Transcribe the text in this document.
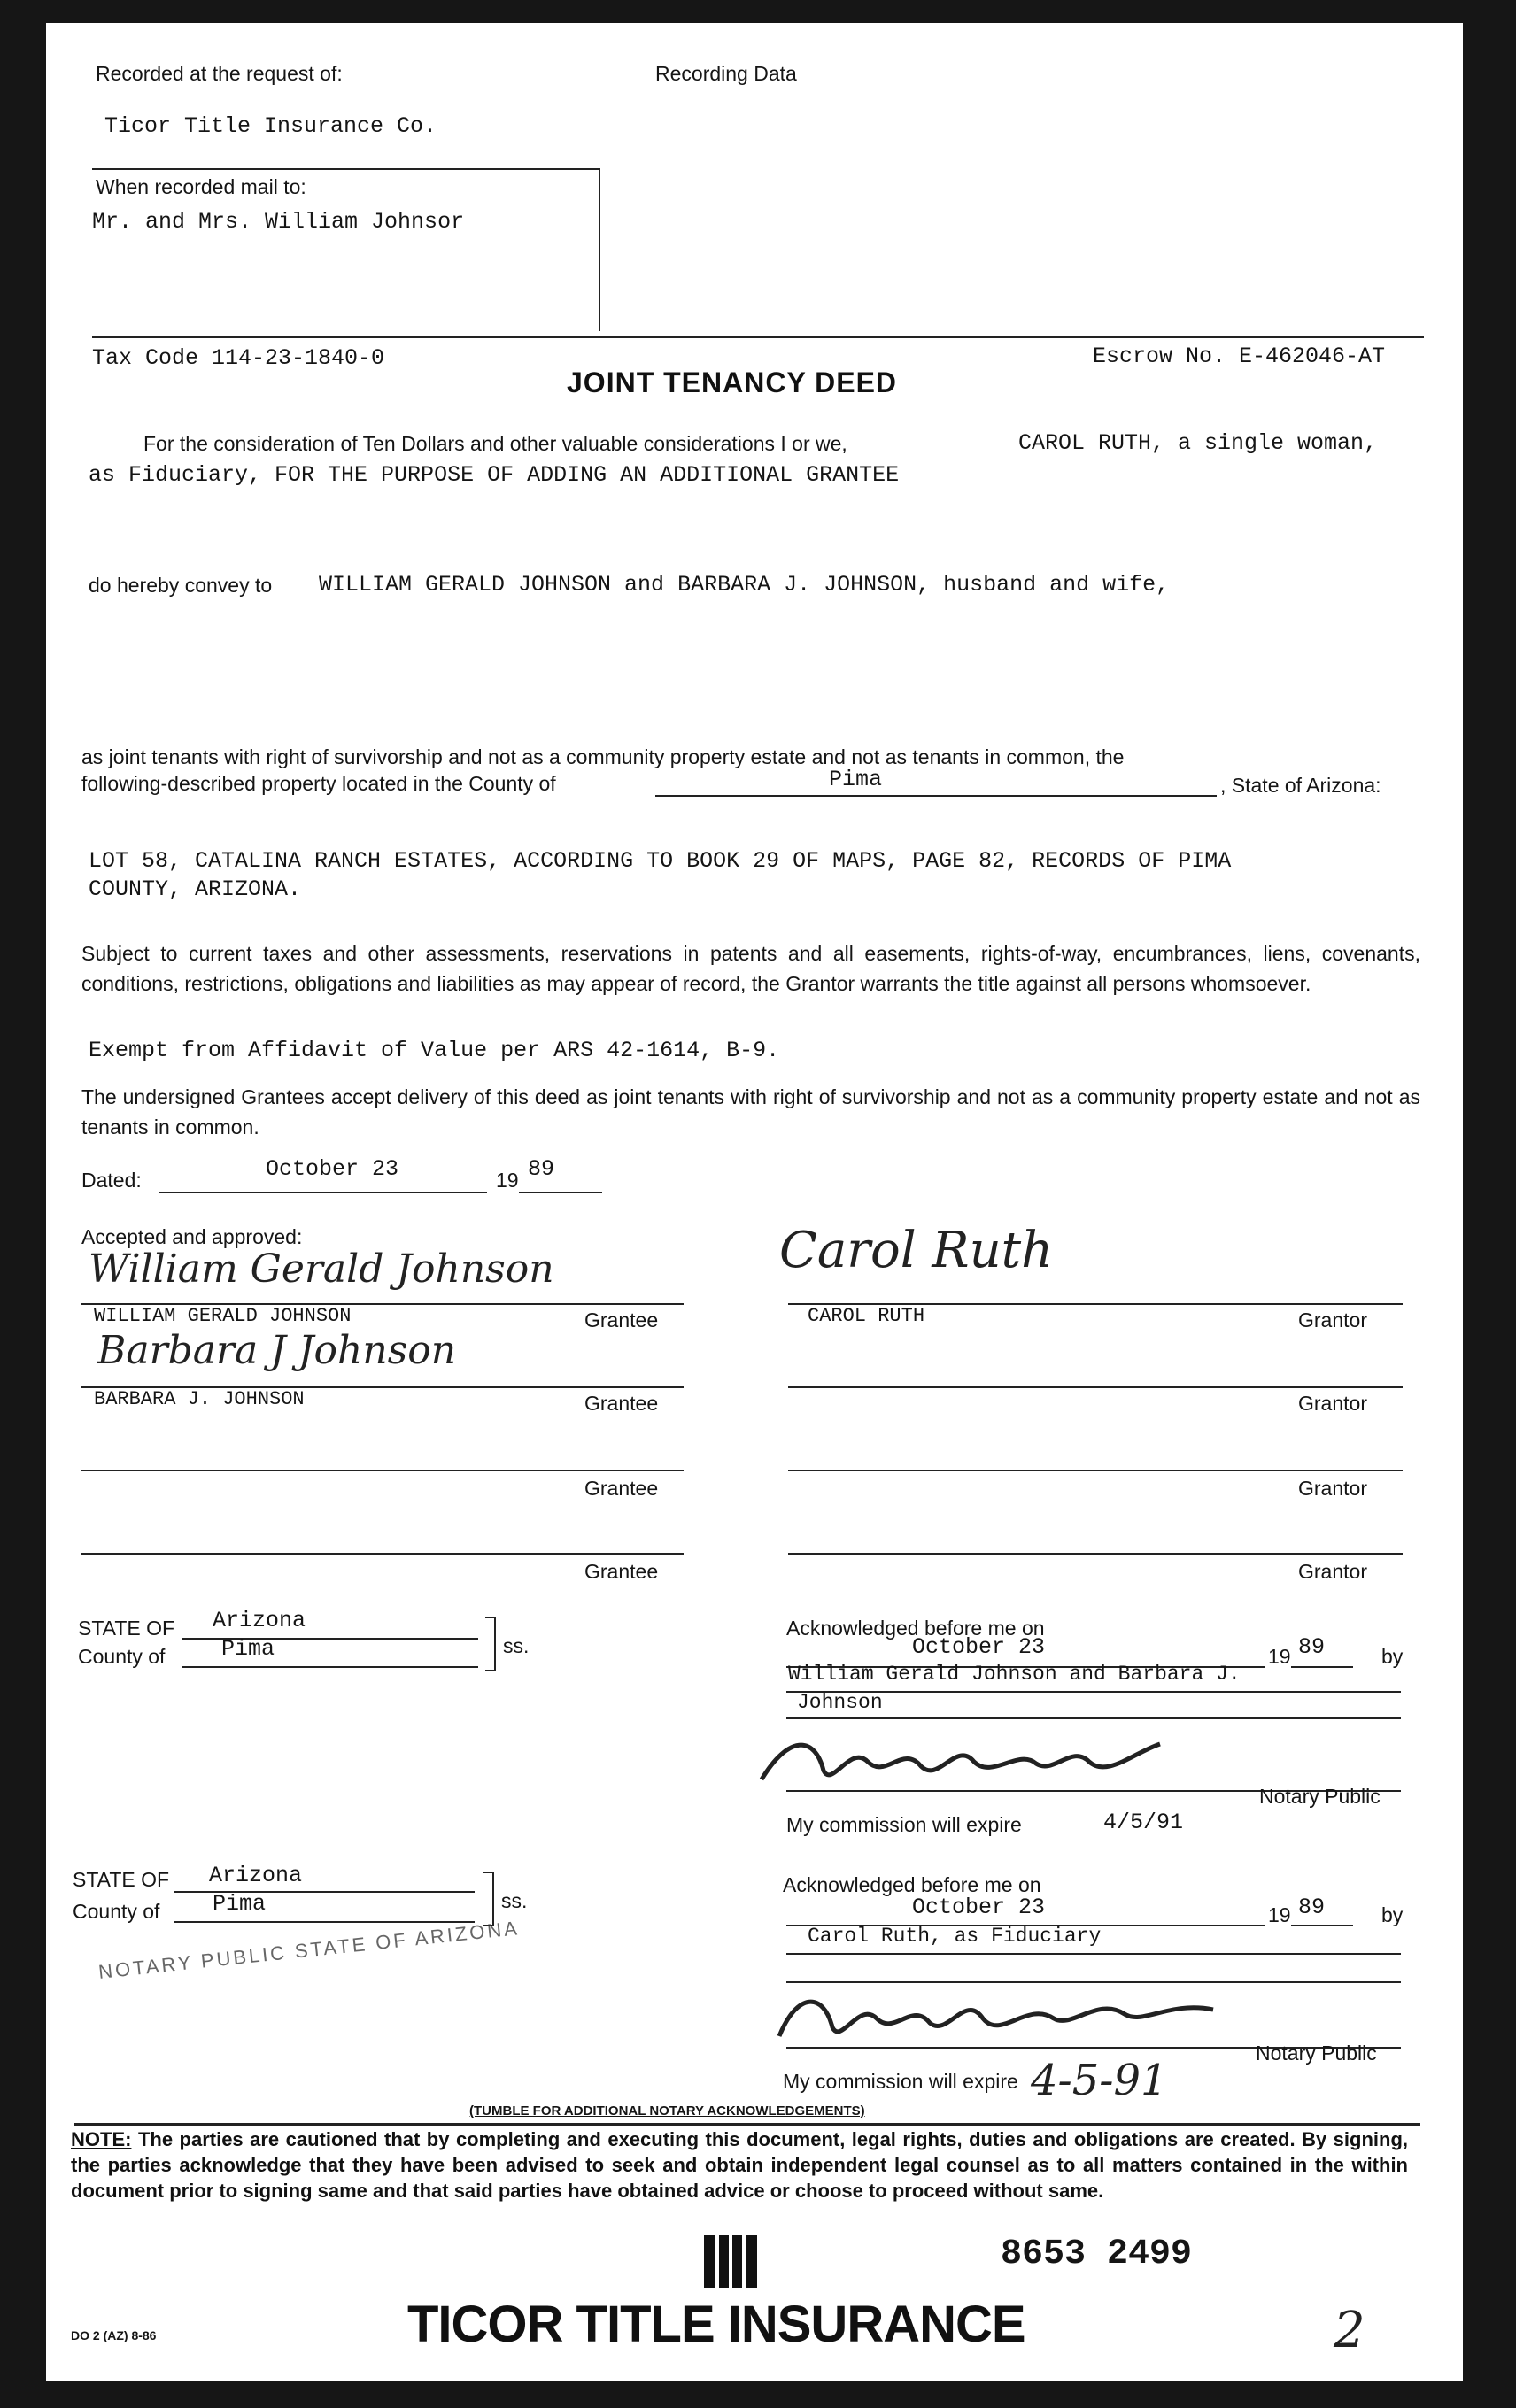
Recorded at the request of:	Recording Data
Ticor Title Insurance Co.
When recorded mail to:
Mr. and Mrs. William Johnsor
Tax Code 114-23-1840-0	Escrow No. E-462046-AT
JOINT TENANCY DEED
For the consideration of Ten Dollars and other valuable considerations I or we,	CAROL RUTH, a single woman,
as Fiduciary, FOR THE PURPOSE OF ADDING AN ADDITIONAL GRANTEE
do hereby convey to WILLIAM GERALD JOHNSON and BARBARA J. JOHNSON, husband and wife,
as joint tenants with right of survivorship and not as a community property estate and not as tenants in common, the
following-described property located in the County of	Pima	, State of Arizona:
LOT 58, CATALINA RANCH ESTATES, ACCORDING TO BOOK 29 OF MAPS, PAGE 82, RECORDS OF PIMA
COUNTY, ARIZONA.
Subject to current taxes and other assessments, reservations in patents and all easements, rights-of-way, encumbrances, liens, covenants, conditions, restrictions, obligations and liabilities as may appear of record, the Grantor warrants the title against all persons whomsoever.
Exempt from Affidavit of Value per ARS 42-1614, B-9.
The undersigned Grantees accept delivery of this deed as joint tenants with right of survivorship and not as a community property estate and not as tenants in common.
Dated:	October 23	19 89
Accepted and approved:
William Gerald Johnson
WILLIAM GERALD JOHNSON	Grantee
Barbara J Johnson
BARBARA J. JOHNSON	Grantee
Grantee
Grantee
Carol Ruth
CAROL RUTH	Grantor
Grantor
Grantor
Grantor
STATE OF Arizona
County of	Pima	ss.
Acknowledged before me on
October 23	19 89	by
William Gerald Johnson and Barbara J.
Johnson
Notary Public
My commission will expire	4/5/91
STATE OF Arizona
County of Pima	ss.
NOTARY PUBLIC STATE OF ARIZONA
Acknowledged before me on
October 23	19 89	by
Carol Ruth, as Fiduciary
Notary Public
My commission will expire 4-5-91
(TUMBLE FOR ADDITIONAL NOTARY ACKNOWLEDGEMENTS)
NOTE: The parties are cautioned that by completing and executing this document, legal rights, duties and obligations are created. By signing, the parties acknowledge that they have been advised to seek and obtain independent legal counsel as to all matters contained in the within document prior to signing same and that said parties have obtained advice or choose to proceed without same.
8653 2499
DO 2 (AZ) 8-86	TICOR TITLE INSURANCE	2
